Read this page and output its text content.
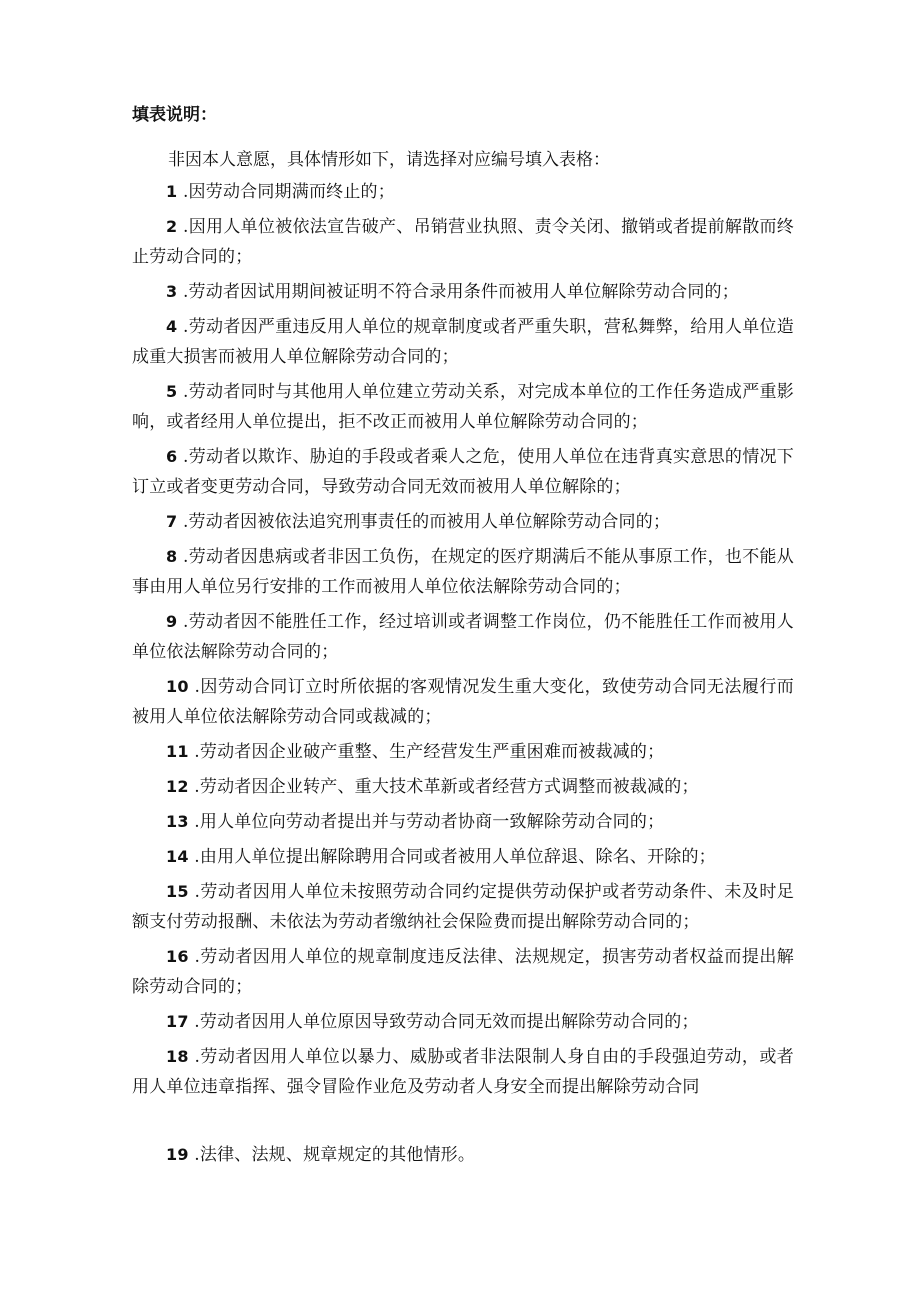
填表说明：
非因本人意愿，具体情形如下，请选择对应编号填入表格：

1 .因劳动合同期满而终止的；

2 .因用人单位被依法宣告破产、吊销营业执照、责令关闭、撤销或者提前解散而终止劳动合同的；

3 .劳动者因试用期间被证明不符合录用条件而被用人单位解除劳动合同的；

4 .劳动者因严重违反用人单位的规章制度或者严重失职，营私舞弊，给用人单位造成重大损害而被用人单位解除劳动合同的；

5 .劳动者同时与其他用人单位建立劳动关系，对完成本单位的工作任务造成严重影响，或者经用人单位提出，拒不改正而被用人单位解除劳动合同的；

6 .劳动者以欺诈、胁迫的手段或者乘人之危，使用人单位在违背真实意思的情况下订立或者变更劳动合同，导致劳动合同无效而被用人单位解除的；

7 .劳动者因被依法追究刑事责任的而被用人单位解除劳动合同的；

8 .劳动者因患病或者非因工负伤，在规定的医疗期满后不能从事原工作，也不能从事由用人单位另行安排的工作而被用人单位依法解除劳动合同的；

9 .劳动者因不能胜任工作，经过培训或者调整工作岗位，仍不能胜任工作而被用人单位依法解除劳动合同的；

10 .因劳动合同订立时所依据的客观情况发生重大变化，致使劳动合同无法履行而被用人单位依法解除劳动合同或裁减的；

11 .劳动者因企业破产重整、生产经营发生严重困难而被裁减的；

12 .劳动者因企业转产、重大技术革新或者经营方式调整而被裁减的；

13 .用人单位向劳动者提出并与劳动者协商一致解除劳动合同的；

14 .由用人单位提出解除聘用合同或者被用人单位辞退、除名、开除的；

15 .劳动者因用人单位未按照劳动合同约定提供劳动保护或者劳动条件、未及时足额支付劳动报酬、未依法为劳动者缴纳社会保险费而提出解除劳动合同的；

16 .劳动者因用人单位的规章制度违反法律、法规规定，损害劳动者权益而提出解除劳动合同的；

17 .劳动者因用人单位原因导致劳动合同无效而提出解除劳动合同的；

18 .劳动者因用人单位以暴力、威胁或者非法限制人身自由的手段强迫劳动，或者用人单位违章指挥、强令冒险作业危及劳动者人身安全而提出解除劳动合同

19 .法律、法规、规章规定的其他情形。
